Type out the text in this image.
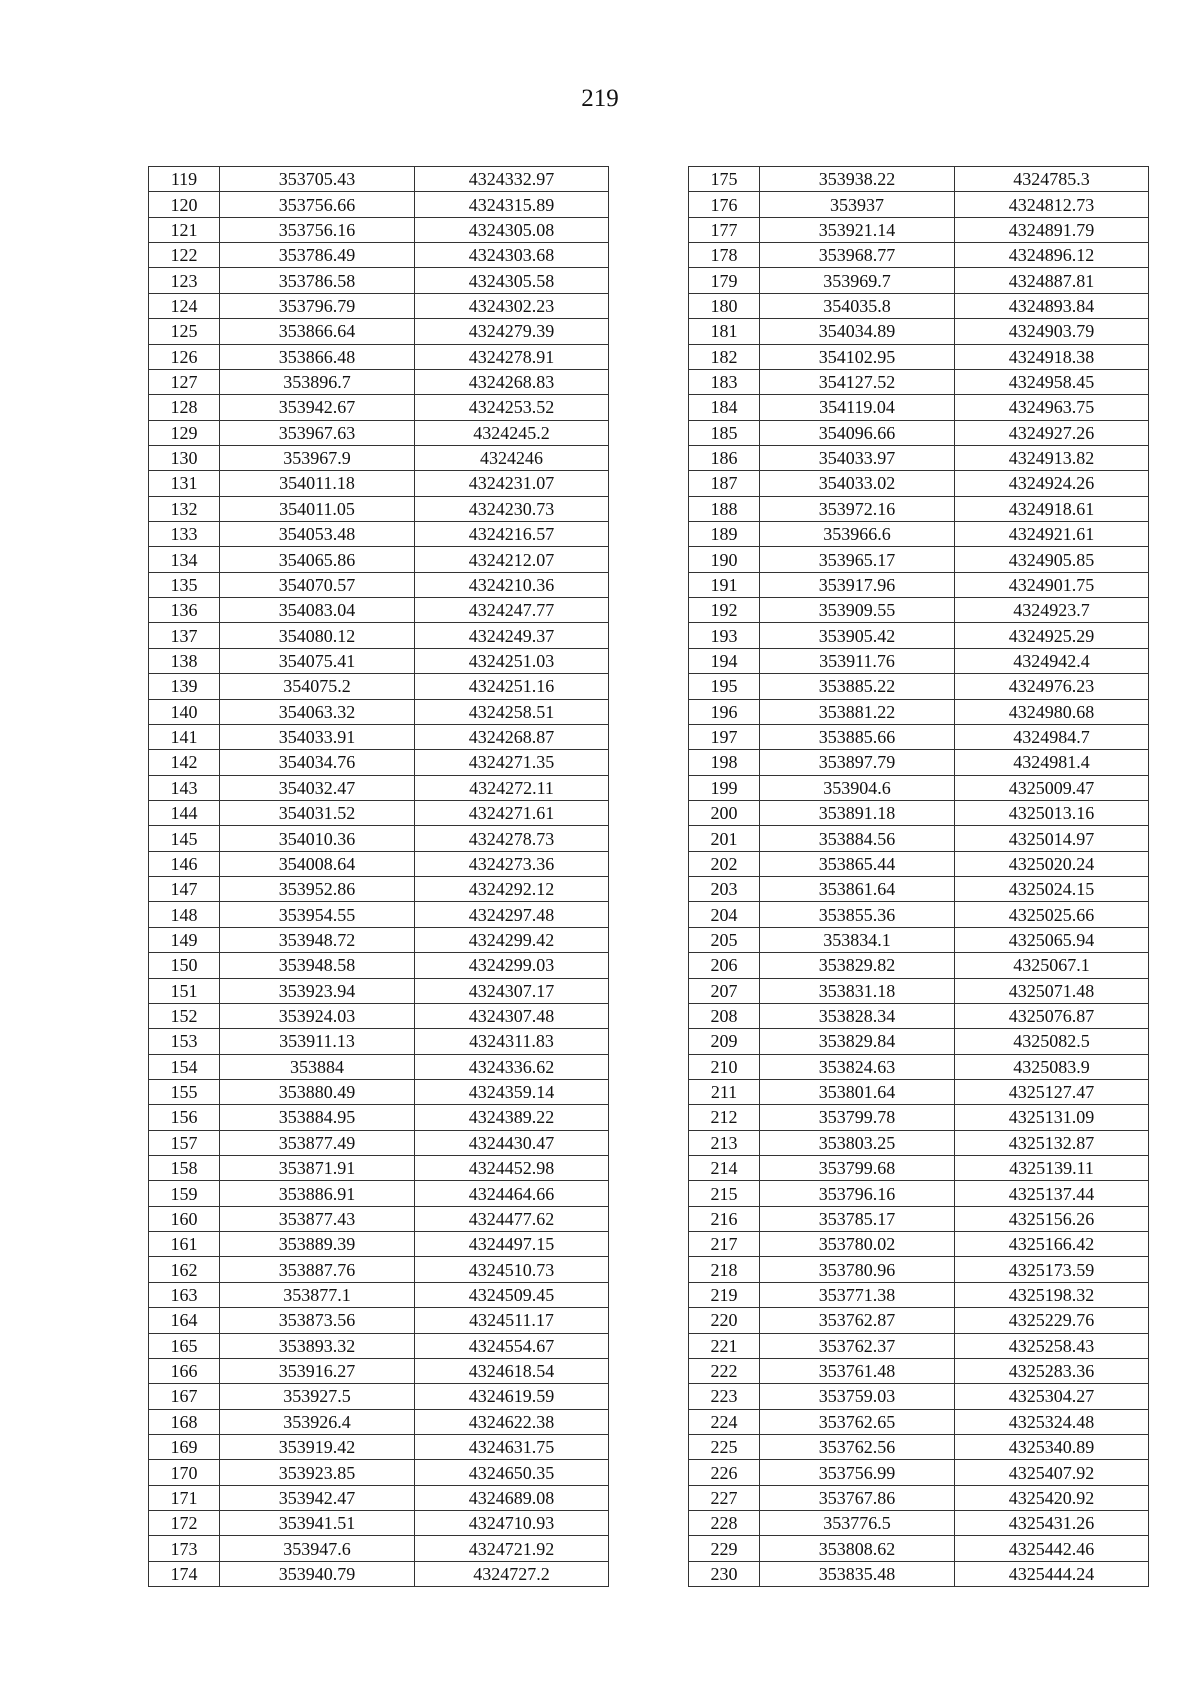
219
119	353705.43	4324332.97
120	353756.66	4324315.89
121	353756.16	4324305.08
122	353786.49	4324303.68
123	353786.58	4324305.58
124	353796.79	4324302.23
125	353866.64	4324279.39
126	353866.48	4324278.91
127	353896.7	4324268.83
128	353942.67	4324253.52
129	353967.63	4324245.2
130	353967.9	4324246
131	354011.18	4324231.07
132	354011.05	4324230.73
133	354053.48	4324216.57
134	354065.86	4324212.07
135	354070.57	4324210.36
136	354083.04	4324247.77
137	354080.12	4324249.37
138	354075.41	4324251.03
139	354075.2	4324251.16
140	354063.32	4324258.51
141	354033.91	4324268.87
142	354034.76	4324271.35
143	354032.47	4324272.11
144	354031.52	4324271.61
145	354010.36	4324278.73
146	354008.64	4324273.36
147	353952.86	4324292.12
148	353954.55	4324297.48
149	353948.72	4324299.42
150	353948.58	4324299.03
151	353923.94	4324307.17
152	353924.03	4324307.48
153	353911.13	4324311.83
154	353884	4324336.62
155	353880.49	4324359.14
156	353884.95	4324389.22
157	353877.49	4324430.47
158	353871.91	4324452.98
159	353886.91	4324464.66
160	353877.43	4324477.62
161	353889.39	4324497.15
162	353887.76	4324510.73
163	353877.1	4324509.45
164	353873.56	4324511.17
165	353893.32	4324554.67
166	353916.27	4324618.54
167	353927.5	4324619.59
168	353926.4	4324622.38
169	353919.42	4324631.75
170	353923.85	4324650.35
171	353942.47	4324689.08
172	353941.51	4324710.93
173	353947.6	4324721.92
174	353940.79	4324727.2
175	353938.22	4324785.3
176	353937	4324812.73
177	353921.14	4324891.79
178	353968.77	4324896.12
179	353969.7	4324887.81
180	354035.8	4324893.84
181	354034.89	4324903.79
182	354102.95	4324918.38
183	354127.52	4324958.45
184	354119.04	4324963.75
185	354096.66	4324927.26
186	354033.97	4324913.82
187	354033.02	4324924.26
188	353972.16	4324918.61
189	353966.6	4324921.61
190	353965.17	4324905.85
191	353917.96	4324901.75
192	353909.55	4324923.7
193	353905.42	4324925.29
194	353911.76	4324942.4
195	353885.22	4324976.23
196	353881.22	4324980.68
197	353885.66	4324984.7
198	353897.79	4324981.4
199	353904.6	4325009.47
200	353891.18	4325013.16
201	353884.56	4325014.97
202	353865.44	4325020.24
203	353861.64	4325024.15
204	353855.36	4325025.66
205	353834.1	4325065.94
206	353829.82	4325067.1
207	353831.18	4325071.48
208	353828.34	4325076.87
209	353829.84	4325082.5
210	353824.63	4325083.9
211	353801.64	4325127.47
212	353799.78	4325131.09
213	353803.25	4325132.87
214	353799.68	4325139.11
215	353796.16	4325137.44
216	353785.17	4325156.26
217	353780.02	4325166.42
218	353780.96	4325173.59
219	353771.38	4325198.32
220	353762.87	4325229.76
221	353762.37	4325258.43
222	353761.48	4325283.36
223	353759.03	4325304.27
224	353762.65	4325324.48
225	353762.56	4325340.89
226	353756.99	4325407.92
227	353767.86	4325420.92
228	353776.5	4325431.26
229	353808.62	4325442.46
230	353835.48	4325444.24
